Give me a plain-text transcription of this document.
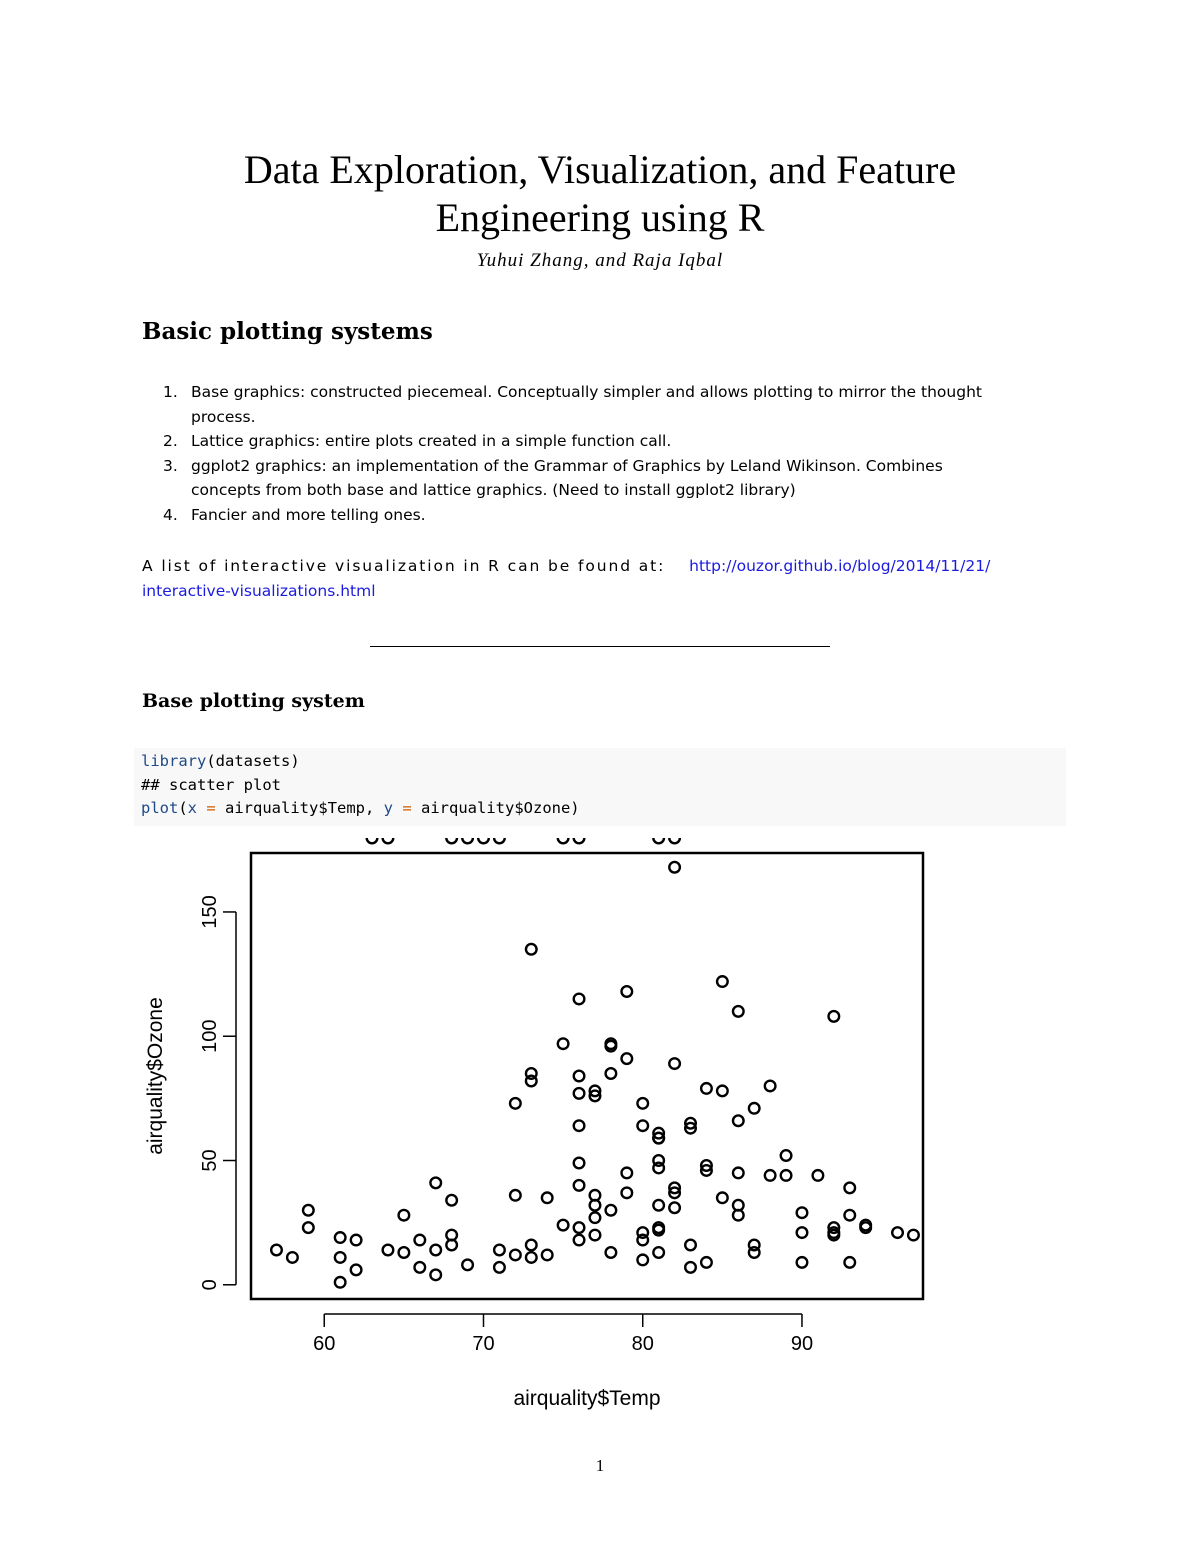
Data Exploration, Visualization, and Feature
Engineering using R
Yuhui Zhang, and Raja Iqbal
Basic plotting systems
1. Base graphics: constructed piecemeal. Conceptually simpler and allows plotting to mirror the thought
process.
2. Lattice graphics: entire plots created in a simple function call.
3. ggplot2 graphics: an implementation of the Grammar of Graphics by Leland Wikinson. Combines
concepts from both base and lattice graphics. (Need to install ggplot2 library)
4. Fancier and more telling ones.
A list of interactive visualization in R can be found at: http://ouzor.github.io/blog/2014/11/21/
interactive-visualizations.html
Base plotting system
library(datasets)
## scatter plot
plot(x = airquality$Temp, y = airquality$Ozone)
60	70	80	90
0
50
100
150
airquality$Temp
airquality$Ozone
1
